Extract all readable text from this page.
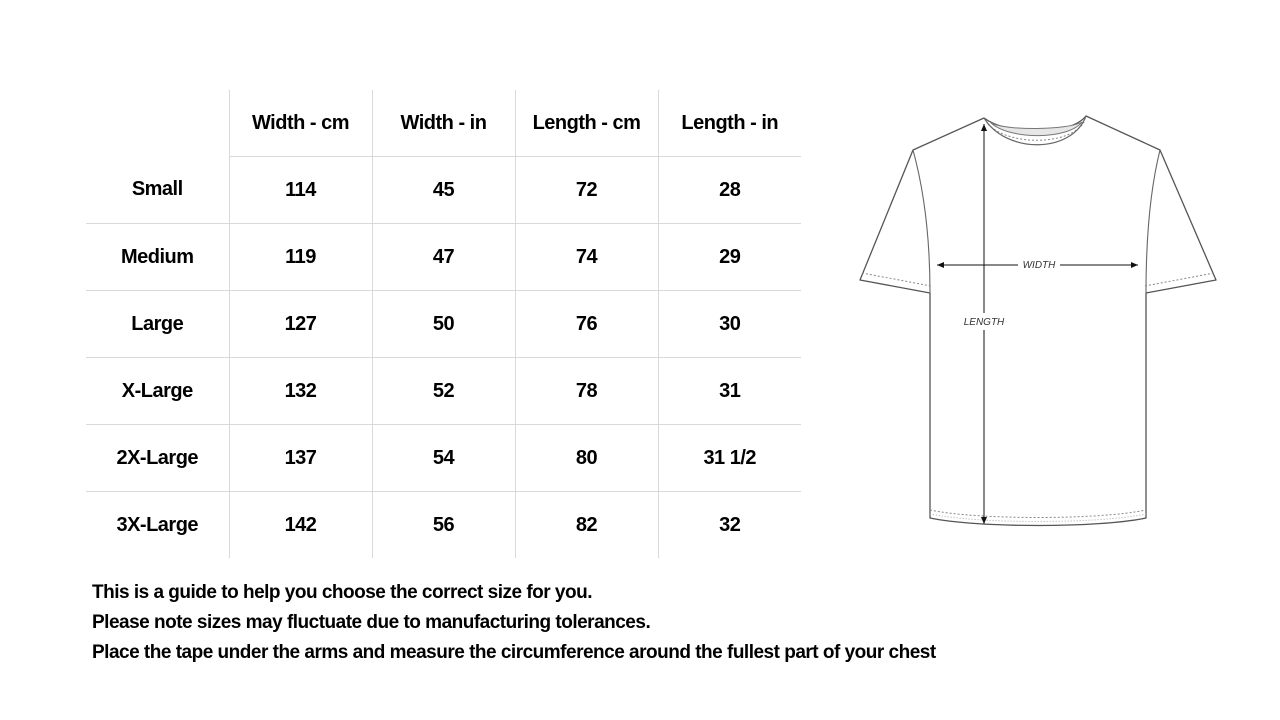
	Width - cm	Width - in	Length - cm	Length - in
Small	114	45	72	28
Medium	119	47	74	29
Large	127	50	76	30
X-Large	132	52	78	31
2X-Large	137	54	80	31 1/2
3X-Large	142	56	82	32
This is a guide to help you choose the correct size for you.
Please note sizes may fluctuate due to manufacturing tolerances.
Place the tape under the arms and measure the circumference around the fullest part of your chest
WIDTH
LENGTH
